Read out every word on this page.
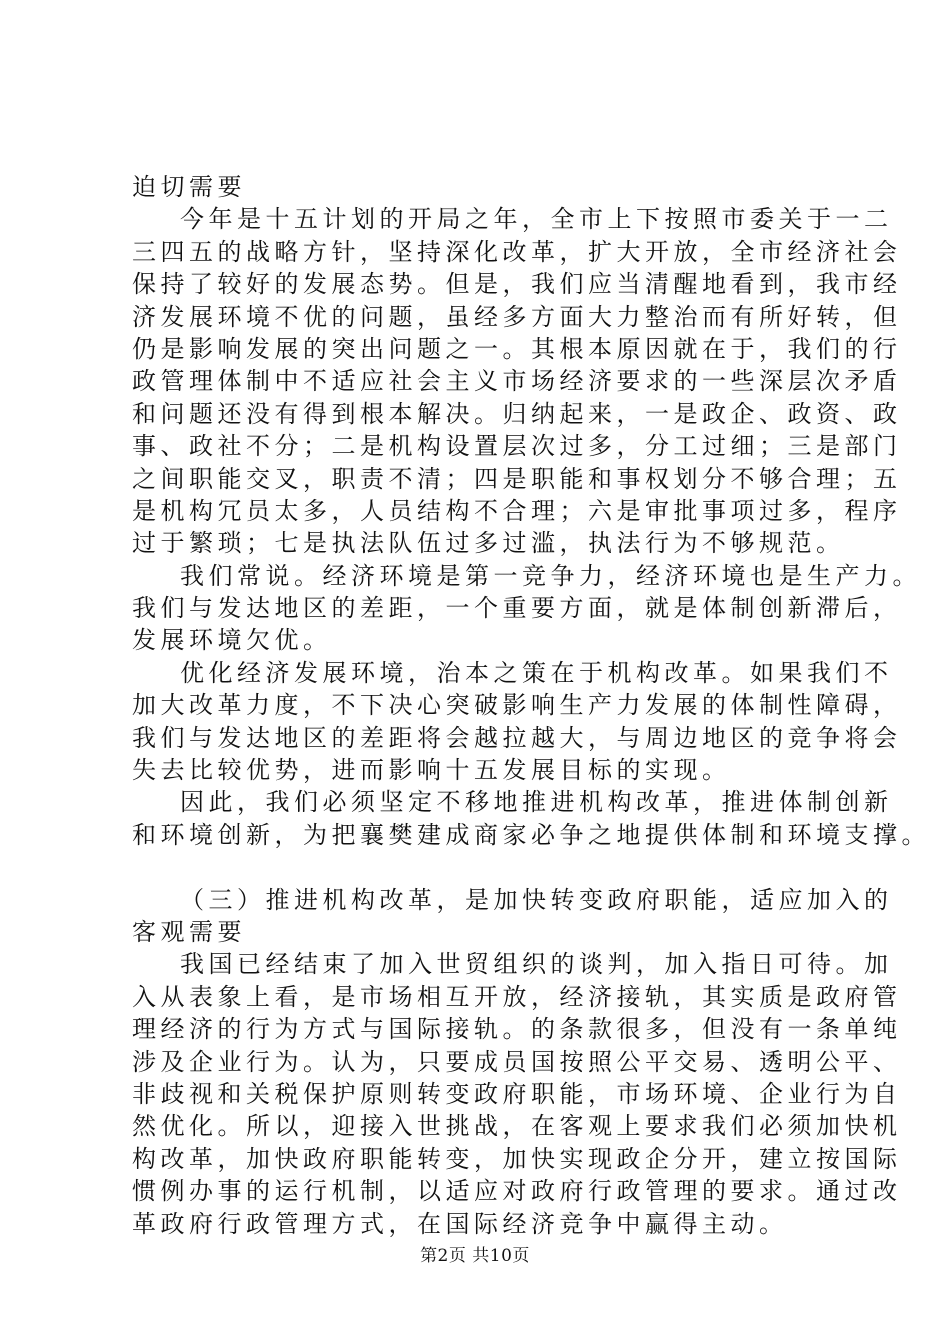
迫切需要
今年是十五计划的开局之年，全市上下按照市委关于一二
三四五的战略方针，坚持深化改革，扩大开放，全市经济社会
保持了较好的发展态势。但是，我们应当清醒地看到，我市经
济发展环境不优的问题，虽经多方面大力整治而有所好转，但
仍是影响发展的突出问题之一。其根本原因就在于，我们的行
政管理体制中不适应社会主义市场经济要求的一些深层次矛盾
和问题还没有得到根本解决。归纳起来，一是政企、政资、政
事、政社不分；二是机构设置层次过多，分工过细；三是部门
之间职能交叉，职责不清；四是职能和事权划分不够合理；五
是机构冗员太多，人员结构不合理；六是审批事项过多，程序
过于繁琐；七是执法队伍过多过滥，执法行为不够规范。
我们常说。经济环境是第一竞争力，经济环境也是生产力。
我们与发达地区的差距，一个重要方面，就是体制创新滞后，
发展环境欠优。
优化经济发展环境，治本之策在于机构改革。如果我们不
加大改革力度，不下决心突破影响生产力发展的体制性障碍，
我们与发达地区的差距将会越拉越大，与周边地区的竞争将会
失去比较优势，进而影响十五发展目标的实现。
因此，我们必须坚定不移地推进机构改革，推进体制创新
和环境创新，为把襄樊建成商家必争之地提供体制和环境支撑。
（三）推进机构改革，是加快转变政府职能，适应加入的
客观需要
我国已经结束了加入世贸组织的谈判，加入指日可待。加
入从表象上看，是市场相互开放，经济接轨，其实质是政府管
理经济的行为方式与国际接轨。的条款很多，但没有一条单纯
涉及企业行为。认为，只要成员国按照公平交易、透明公平、
非歧视和关税保护原则转变政府职能，市场环境、企业行为自
然优化。所以，迎接入世挑战，在客观上要求我们必须加快机
构改革，加快政府职能转变，加快实现政企分开，建立按国际
惯例办事的运行机制，以适应对政府行政管理的要求。通过改
革政府行政管理方式，在国际经济竞争中赢得主动。
第2页 共10页
